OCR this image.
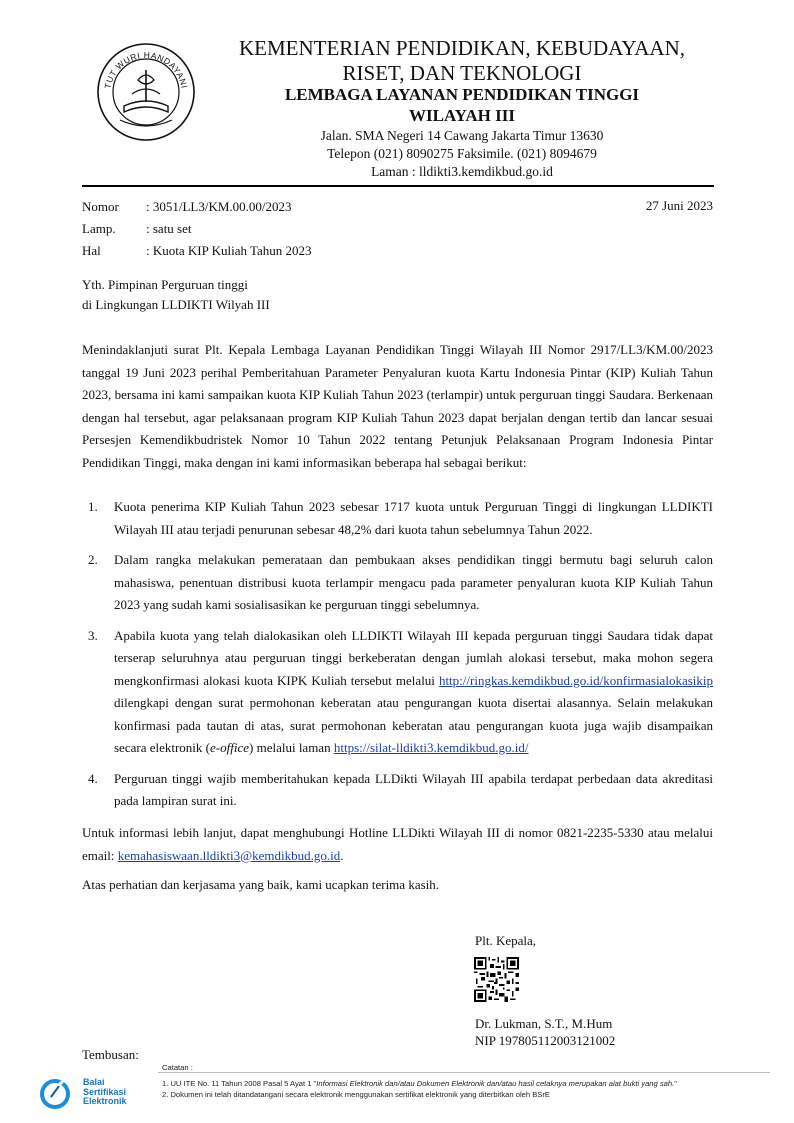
TUT WURI HANDAYANI
KEMENTERIAN PENDIDIKAN, KEBUDAYAAN,
RISET, DAN TEKNOLOGI
LEMBAGA LAYANAN PENDIDIKAN TINGGI
WILAYAH III
Jalan. SMA Negeri 14 Cawang Jakarta Timur 13630
Telepon (021) 8090275 Faksimile. (021) 8094679
Laman : lldikti3.kemdikbud.go.id
Nomor : 3051/LL3/KM.00.00/2023
Lamp. : satu set
Hal	: Kuota KIP Kuliah Tahun 2023
27 Juni 2023
Yth. Pimpinan Perguruan tinggi
di Lingkungan LLDIKTI Wilyah III
Menindaklanjuti surat Plt. Kepala Lembaga Layanan Pendidikan Tinggi Wilayah III Nomor 2917/LL3/KM.00/2023 tanggal 19 Juni 2023 perihal Pemberitahuan Parameter Penyaluran kuota Kartu Indonesia Pintar (KIP) Kuliah Tahun 2023, bersama ini kami sampaikan kuota KIP Kuliah Tahun 2023 (terlampir) untuk perguruan tinggi Saudara. Berkenaan dengan hal tersebut, agar pelaksanaan program KIP Kuliah Tahun 2023 dapat berjalan dengan tertib dan lancar sesuai Persesjen Kemendikbudristek Nomor 10 Tahun 2022 tentang Petunjuk Pelaksanaan Program Indonesia Pintar Pendidikan Tinggi, maka dengan ini kami informasikan beberapa hal sebagai berikut:
1. Kuota penerima KIP Kuliah Tahun 2023 sebesar 1717 kuota untuk Perguruan Tinggi di lingkungan LLDIKTI Wilayah III atau terjadi penurunan sebesar 48,2% dari kuota tahun sebelumnya Tahun 2022.
2. Dalam rangka melakukan pemerataan dan pembukaan akses pendidikan tinggi bermutu bagi seluruh calon mahasiswa, penentuan distribusi kuota terlampir mengacu pada parameter penyaluran kuota KIP Kuliah Tahun 2023 yang sudah kami sosialisasikan ke perguruan tinggi sebelumnya.
3. Apabila kuota yang telah dialokasikan oleh LLDIKTI Wilayah III kepada perguruan tinggi Saudara tidak dapat terserap seluruhnya atau perguruan tinggi berkeberatan dengan jumlah alokasi tersebut, maka mohon segera mengkonfirmasi alokasi kuota KIPK Kuliah tersebut melalui http://ringkas.kemdikbud.go.id/konfirmasialokasikip dilengkapi dengan surat permohonan keberatan atau pengurangan kuota disertai alasannya. Selain melakukan konfirmasi pada tautan di atas, surat permohonan keberatan atau pengurangan kuota juga wajib disampaikan secara elektronik (e-office) melalui laman https://silat-lldikti3.kemdikbud.go.id/
4. Perguruan tinggi wajib memberitahukan kepada LLDikti Wilayah III apabila terdapat perbedaan data akreditasi pada lampiran surat ini.
Untuk informasi lebih lanjut, dapat menghubungi Hotline LLDikti Wilayah III di nomor 0821-2235-5330 atau melalui email: kemahasiswaan.lldikti3@kemdikbud.go.id.
Atas perhatian dan kerjasama yang baik, kami ucapkan terima kasih.
Plt. Kepala,
Dr. Lukman, S.T., M.Hum
NIP 197805112003121002
Tembusan:
Balai
Sertifikasi
Elektronik
Catatan :
1. UU ITE No. 11 Tahun 2008 Pasal 5 Ayat 1 "Informasi Elektronik dan/atau Dokumen Elektronik dan/atau hasil cetaknya merupakan alat bukti yang sah."
2. Dokumen ini telah ditandatangani secara elektronik menggunakan sertifikat elektronik yang diterbitkan oleh BSrE
